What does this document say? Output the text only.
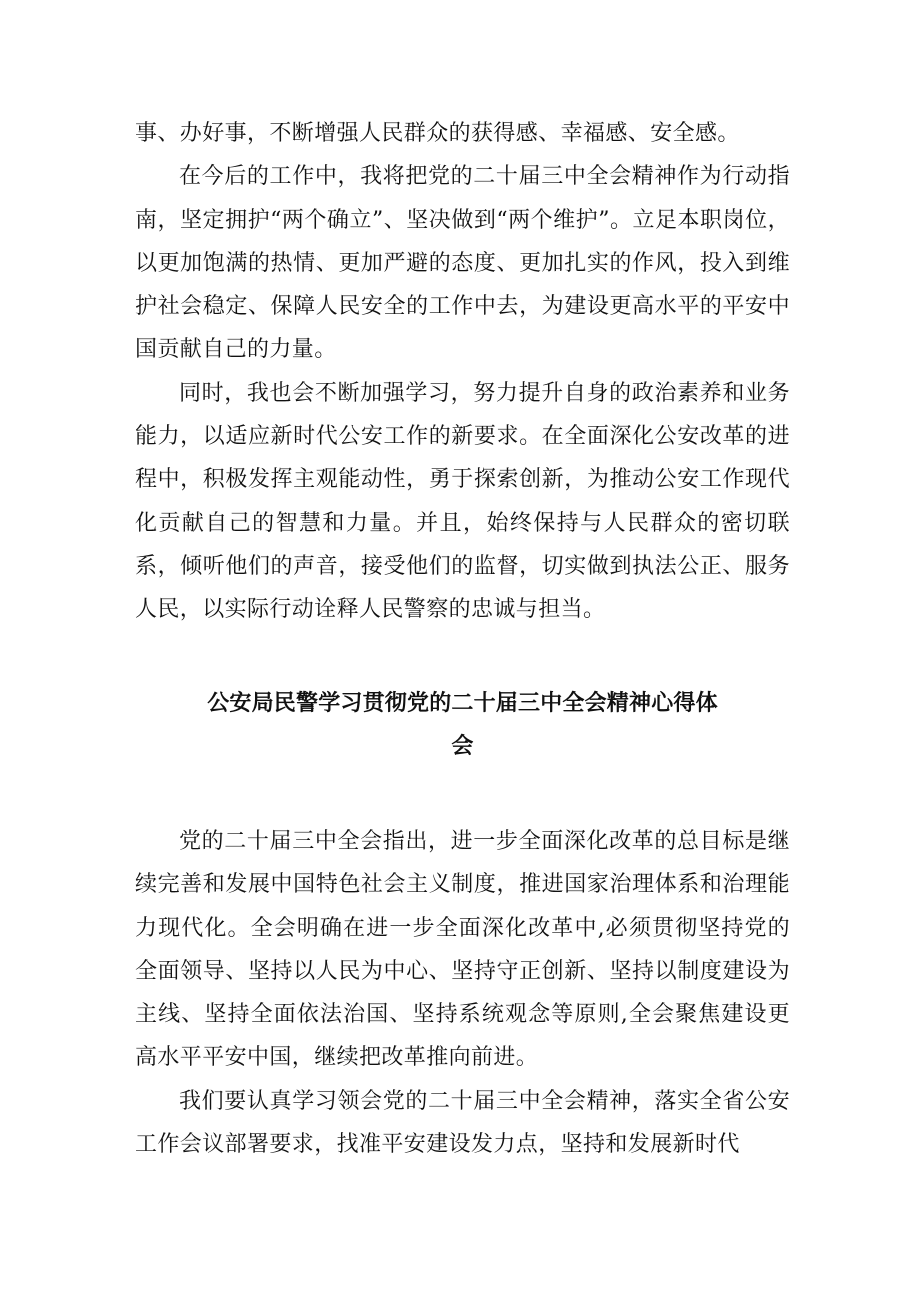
事、办好事，不断增强人民群众的获得感、幸福感、安全感。

在今后的工作中，我将把党的二十届三中全会精神作为行动指南，坚定拥护“两个确立”、坚决做到“两个维护”。立足本职岗位，以更加饱满的热情、更加严避的态度、更加扎实的作风，投入到维护社会稳定、保障人民安全的工作中去，为建设更高水平的平安中国贡献自己的力量。

同时，我也会不断加强学习，努力提升自身的政治素养和业务能力，以适应新时代公安工作的新要求。在全面深化公安改革的进程中，积极发挥主观能动性，勇于探索创新，为推动公安工作现代化贡献自己的智慧和力量。并且，始终保持与人民群众的密切联系，倾听他们的声音，接受他们的监督，切实做到执法公正、服务人民，以实际行动诠释人民警察的忠诚与担当。

公安局民警学习贯彻党的二十届三中全会精神心得体
会

党的二十届三中全会指出，进一步全面深化改革的总目标是继续完善和发展中国特色社会主义制度，推进国家治理体系和治理能力现代化。全会明确在进一步全面深化改革中,必须贯彻坚持党的全面领导、坚持以人民为中心、坚持守正创新、坚持以制度建设为主线、坚持全面依法治国、坚持系统观念等原则,全会聚焦建设更高水平平安中国，继续把改革推向前进。

我们要认真学习领会党的二十届三中全会精神，落实全省公安工作会议部署要求，找准平安建设发力点，坚持和发展新时代
